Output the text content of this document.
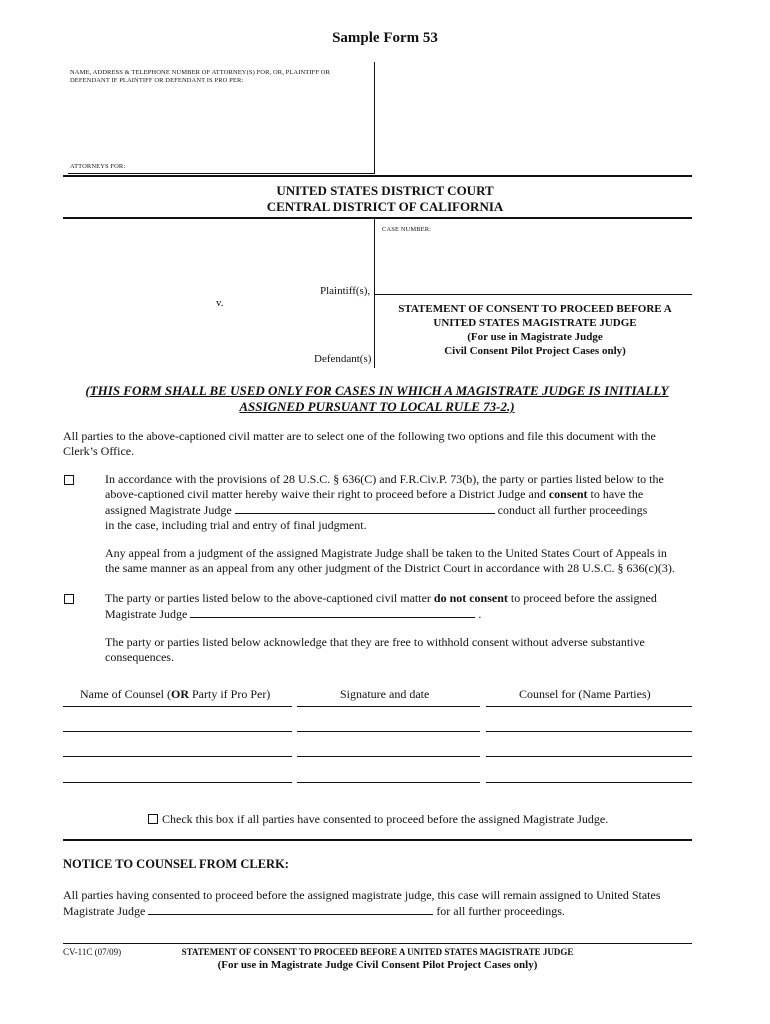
Sample Form 53
NAME, ADDRESS & TELEPHONE NUMBER OF ATTORNEY(S) FOR, OR, PLAINTIFF OR
DEFENDANT IF PLAINTIFF OR DEFENDANT IS PRO PER:
ATTORNEYS FOR:
UNITED STATES DISTRICT COURT
CENTRAL DISTRICT OF CALIFORNIA
CASE NUMBER:
Plaintiff(s),
v.
Defendant(s)
STATEMENT OF CONSENT TO PROCEED BEFORE A
UNITED STATES MAGISTRATE JUDGE
(For use in Magistrate Judge
Civil Consent Pilot Project Cases only)
(THIS FORM SHALL BE USED ONLY FOR CASES IN WHICH A MAGISTRATE JUDGE IS INITIALLY
ASSIGNED PURSUANT TO LOCAL RULE 73-2.)
All parties to the above-captioned civil matter are to select one of the following two options and file this document with the
Clerk’s Office.
In accordance with the provisions of 28 U.S.C. § 636(C) and F.R.Civ.P. 73(b), the party or parties listed below to the
above-captioned civil matter hereby waive their right to proceed before a District Judge and consent to have the
assigned Magistrate Judge	conduct all further proceedings
in the case, including trial and entry of final judgment.
Any appeal from a judgment of the assigned Magistrate Judge shall be taken to the United States Court of Appeals in
the same manner as an appeal from any other judgment of the District Court in accordance with 28 U.S.C. § 636(c)(3).
The party or parties listed below to the above-captioned civil matter do not consent to proceed before the assigned
Magistrate Judge	.
The party or parties listed below acknowledge that they are free to withhold consent without adverse substantive
consequences.
Name of Counsel (OR Party if Pro Per)	Signature and date	Counsel for (Name Parties)
Check this box if all parties have consented to proceed before the assigned Magistrate Judge.
NOTICE TO COUNSEL FROM CLERK:
All parties having consented to proceed before the assigned magistrate judge, this case will remain assigned to United States
Magistrate Judge	for all further proceedings.
CV-11C (07/09)	STATEMENT OF CONSENT TO PROCEED BEFORE A UNITED STATES MAGISTRATE JUDGE
(For use in Magistrate Judge Civil Consent Pilot Project Cases only)
